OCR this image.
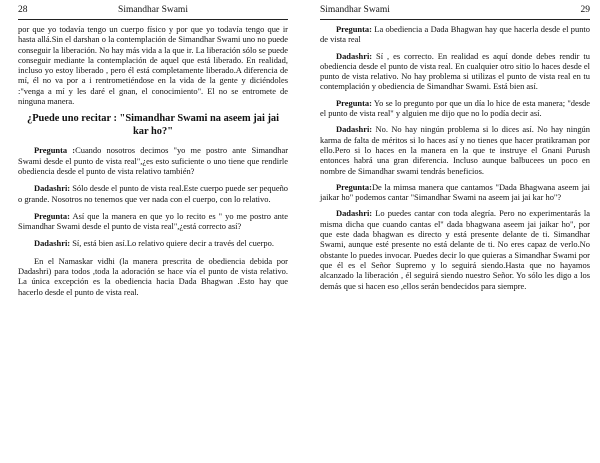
28	Simandhar Swami

por que yo todavía tengo un cuerpo físico y por que yo todavía tengo que ir hasta allá.Sin el darshan o la contemplación de Simandhar Swami uno no puede conseguir la liberación. No hay más vida a la que ir. La liberación sólo se puede conseguir mediante la contemplación de aquel que está liberado. En realidad, incluso yo estoy liberado , pero él está completamente liberado.A diferencia de mí, él no va por a i rentrometiéndose en la vida de la gente y diciéndoles :"venga a mí y les daré el gnan, el conocimiento". El no se entromete de ninguna manera.

¿Puede uno recitar : "Simandhar Swami na aseem jai jai kar ho?"

Pregunta :Cuando nosotros decimos "yo me postro ante Simandhar Swami desde el punto de vista real",¿es esto suficiente o uno tiene que rendirle obediencia desde el punto de vista relativo también?

Dadashri: Sólo desde el punto de vista real.Este cuerpo puede ser pequeño o grande. Nosotros no tenemos que ver nada con el cuerpo, con lo relativo.

Pregunta: Así que la manera en que yo lo recito es " yo me postro ante Simandhar Swami desde el punto de vista real",¿está correcto así?

Dadashri: Sí, está bien así.Lo relativo quiere decir a través del cuerpo.

En el Namaskar vidhi (la manera prescrita de obediencia debida por Dadashri) para todos ,toda la adoración se hace vía el punto de vista relativo. La única excepción es la obediencia hacia Dada Bhagwan .Esto hay que hacerlo desde el punto de vista real.

Simandhar Swami	29

Pregunta: La obediencia a Dada Bhagwan hay que hacerla desde el punto de vista real

Dadashri: Sí , es correcto. En realidad es aquí donde debes rendir tu obediencia desde el punto de vista real. En cualquier otro sitio lo haces desde el punto de vista relativo. No hay problema si utilizas el punto de vista real en tu contemplación y obediencia de Simandhar Swami. Está bien así.

Pregunta: Yo se lo pregunto por que un día lo hice de esta manera; "desde el punto de vista real" y alguien me dijo que no lo podía decir así.

Dadashri: No. No hay ningún problema si lo dices así. No hay ningún karma de falta de méritos si lo haces así y no tienes que hacer pratikraman por ello.Pero si lo haces en la manera en la que te instruye el Gnani Purush entonces habrá una gran diferencia. Incluso aunque balbucees un poco en nombre de Simandhar swami tendrás beneficios.

Pregunta:De la mimsa manera que cantamos "Dada Bhagwana aseem jai jaikar ho" podemos cantar "Simandhar Swami na aseem jai jai kar ho"?

Dadashri: Lo puedes cantar con toda alegría. Pero no experimentarás la misma dicha que cuando cantas el" dada bhagwana aseem jai jaikar ho", por que este dada bhagwan es directo y está presente delante de ti. Simandhar Swami, aunque esté presente no está delante de ti. No eres capaz de verlo.No obstante lo puedes invocar. Puedes decir lo que quieras a Simandhar Swami por que él es el Señor Supremo y lo seguirá siendo.Hasta que no hayamos alcanzado la liberación , él seguirá siendo nuestro Señor. Yo sólo les digo a los demás que si hacen eso ,ellos serán bendecidos para siempre.
